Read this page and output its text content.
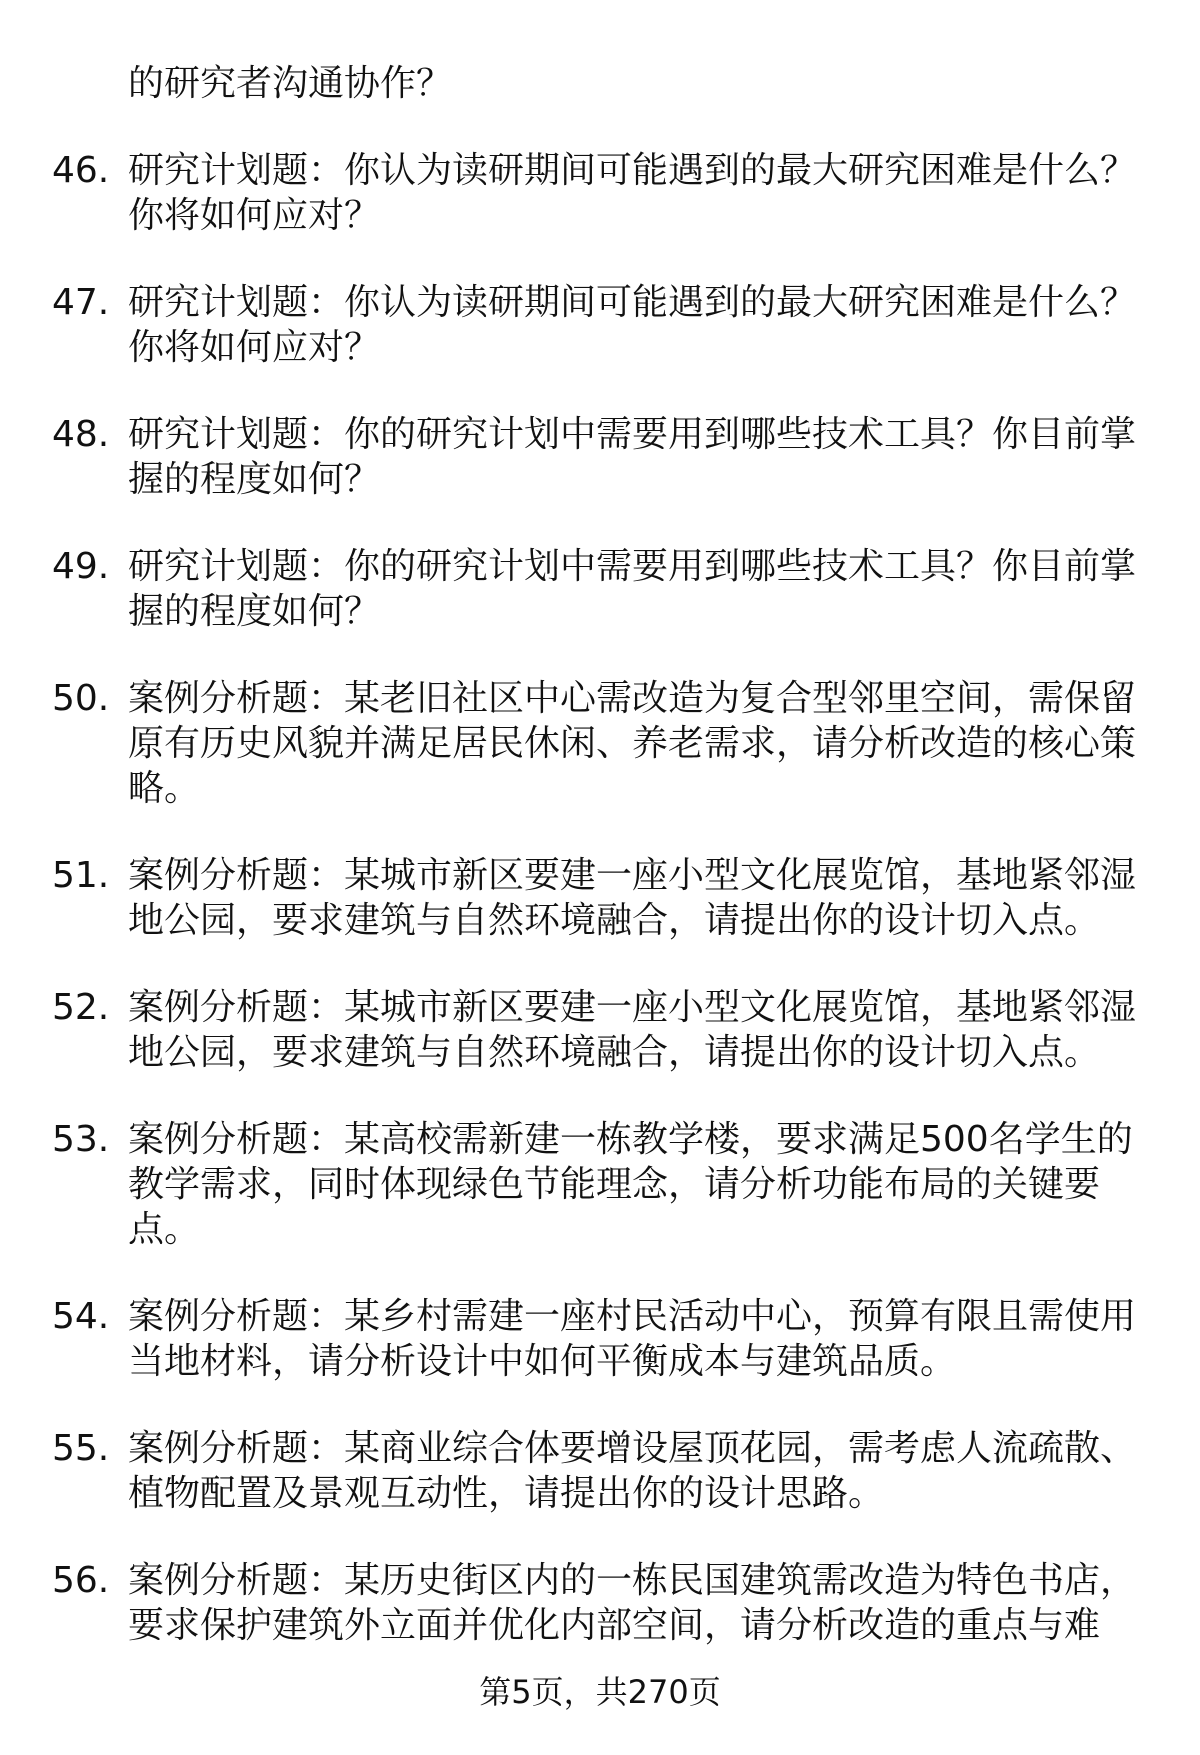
的研究者沟通协作？
46. 研究计划题：你认为读研期间可能遇到的最大研究困难是什么？
你将如何应对？
47. 研究计划题：你认为读研期间可能遇到的最大研究困难是什么？
你将如何应对？
48. 研究计划题：你的研究计划中需要用到哪些技术工具？你目前掌
握的程度如何？
49. 研究计划题：你的研究计划中需要用到哪些技术工具？你目前掌
握的程度如何？
50. 案例分析题：某老旧社区中心需改造为复合型邻里空间，需保留
原有历史风貌并满足居民休闲、养老需求，请分析改造的核心策
略。
51. 案例分析题：某城市新区要建一座小型文化展览馆，基地紧邻湿
地公园，要求建筑与自然环境融合，请提出你的设计切入点。
52. 案例分析题：某城市新区要建一座小型文化展览馆，基地紧邻湿
地公园，要求建筑与自然环境融合，请提出你的设计切入点。
53. 案例分析题：某高校需新建一栋教学楼，要求满足500名学生的
教学需求，同时体现绿色节能理念，请分析功能布局的关键要
点。
54. 案例分析题：某乡村需建一座村民活动中心，预算有限且需使用
当地材料，请分析设计中如何平衡成本与建筑品质。
55. 案例分析题：某商业综合体要增设屋顶花园，需考虑人流疏散、
植物配置及景观互动性，请提出你的设计思路。
56. 案例分析题：某历史街区内的一栋民国建筑需改造为特色书店，
要求保护建筑外立面并优化内部空间，请分析改造的重点与难
第5页，共270页
